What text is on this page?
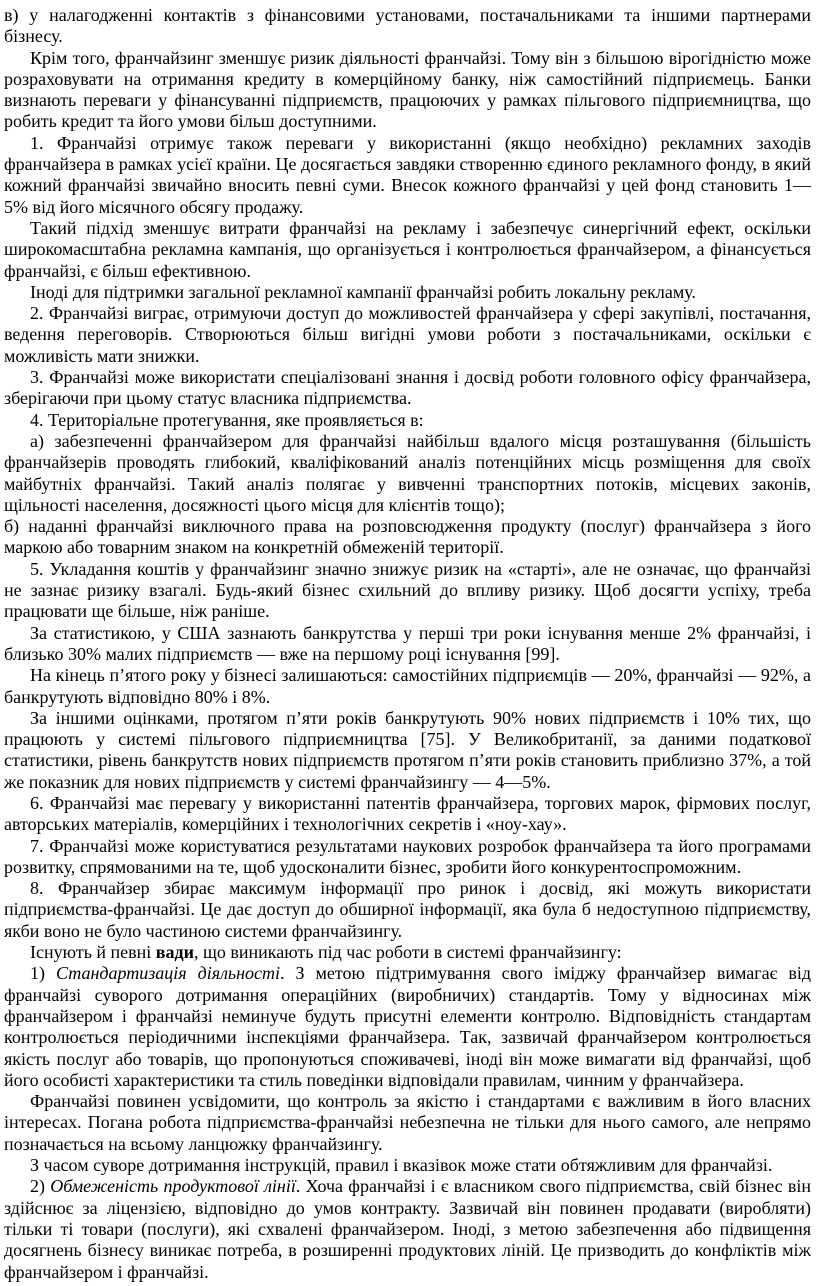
в) у налагодженні контактів з фінансовими установами, постачальниками та іншими партнерами бізнесу.

Крім того, франчайзинг зменшує ризик діяльності франчайзі. Тому він з більшою вірогідністю може розраховувати на отримання кредиту в комерційному банку, ніж самостійний підприємець. Банки визнають переваги у фінансуванні підприємств, працюючих у рамках пільгового підприємництва, що робить кредит та його умови більш доступними.

1. Франчайзі отримує також переваги у використанні (якщо необхідно) рекламних заходів франчайзера в рамках усієї країни. Це досягається завдяки створенню єдиного рекламного фонду, в який кожний франчайзі звичайно вносить певні суми. Внесок кожного франчайзі у цей фонд становить 1—5% від його місячного обсягу продажу.

Такий підхід зменшує витрати франчайзі на рекламу і забезпечує синергічний ефект, оскільки широкомасштабна рекламна кампанія, що організується і контролюється франчайзером, а фінансується франчайзі, є більш ефективною.

Іноді для підтримки загальної рекламної кампанії франчайзі робить локальну рекламу.

2. Франчайзі виграє, отримуючи доступ до можливостей франчайзера у сфері закупівлі, постачання, ведення переговорів. Створюються більш вигідні умови роботи з постачальниками, оскільки є можливість мати знижки.

3. Франчайзі може використати спеціалізовані знання і досвід роботи головного офісу франчайзера, зберігаючи при цьому статус власника підприємства.

4. Територіальне протегування, яке проявляється в:

а) забезпеченні франчайзером для франчайзі найбільш вдалого місця розташування (більшість франчайзерів проводять глибокий, кваліфікований аналіз потенційних місць розміщення для своїх майбутніх франчайзі. Такий аналіз полягає у вивченні транспортних потоків, місцевих законів, щільності населення, досяжності цього місця для клієнтів тощо);

б) наданні франчайзі виключного права на розповсюдження продукту (послуг) франчайзера з його маркою або товарним знаком на конкретній обмеженій території.

5. Укладання коштів у франчайзинг значно знижує ризик на «старті», але не означає, що франчайзі не зазнає ризику взагалі. Будь-який бізнес схильний до впливу ризику. Щоб досягти успіху, треба працювати ще більше, ніж раніше.

За статистикою, у США зазнають банкрутства у перші три роки існування менше 2% франчайзі, і близько 30% малих підприємств — вже на першому році існування [99].

На кінець п’ятого року у бізнесі залишаються: самостійних підприємців — 20%, франчайзі — 92%, а банкрутують відповідно 80% і 8%.

За іншими оцінками, протягом п’яти років банкрутують 90% нових підприємств і 10% тих, що працюють у системі пільгового підприємництва [75]. У Великобританії, за даними податкової статистики, рівень банкрутств нових підприємств протягом п’яти років становить приблизно 37%, а той же показник для нових підприємств у системі франчайзингу — 4—5%.

6. Франчайзі має перевагу у використанні патентів франчайзера, торгових марок, фірмових послуг, авторських матеріалів, комерційних і технологічних секретів і «ноу-хау».

7. Франчайзі може користуватися результатами наукових розробок франчайзера та його програмами розвитку, спрямованими на те, щоб удосконалити бізнес, зробити його конкурентоспроможним.

8. Франчайзер збирає максимум інформації про ринок і досвід, які можуть використати підприємства-франчайзі. Це дає доступ до обширної інформації, яка була б недоступною підприємству, якби воно не було частиною системи франчайзингу.

Існують й певні вади, що виникають під час роботи в системі франчайзингу:

1) Стандартизація діяльності. З метою підтримування свого іміджу франчайзер вимагає від франчайзі суворого дотримання операційних (виробничих) стандартів. Тому у відносинах між франчайзером і франчайзі неминуче будуть присутні елементи контролю. Відповідність стандартам контролюється періодичними інспекціями франчайзера. Так, зазвичай франчайзером контролюється якість послуг або товарів, що пропонуються споживачеві, іноді він може вимагати від франчайзі, щоб його особисті характеристики та стиль поведінки відповідали правилам, чинним у франчайзера.

Франчайзі повинен усвідомити, що контроль за якістю і стандартами є важливим в його власних інтересах. Погана робота підприємства-франчайзі небезпечна не тільки для нього самого, але непрямо позначається на всьому ланцюжку франчайзингу.

З часом суворе дотримання інструкцій, правил і вказівок може стати обтяжливим для франчайзі.

2) Обмеженість продуктової лінії. Хоча франчайзі і є власником свого підприємства, свій бізнес він здійснює за ліцензією, відповідно до умов контракту. Зазвичай він повинен продавати (виробляти) тільки ті товари (послуги), які схвалені франчайзером. Іноді, з метою забезпечення або підвищення досягнень бізнесу виникає потреба, в розширенні продуктових ліній. Це призводить до конфліктів між франчайзером і франчайзі.
